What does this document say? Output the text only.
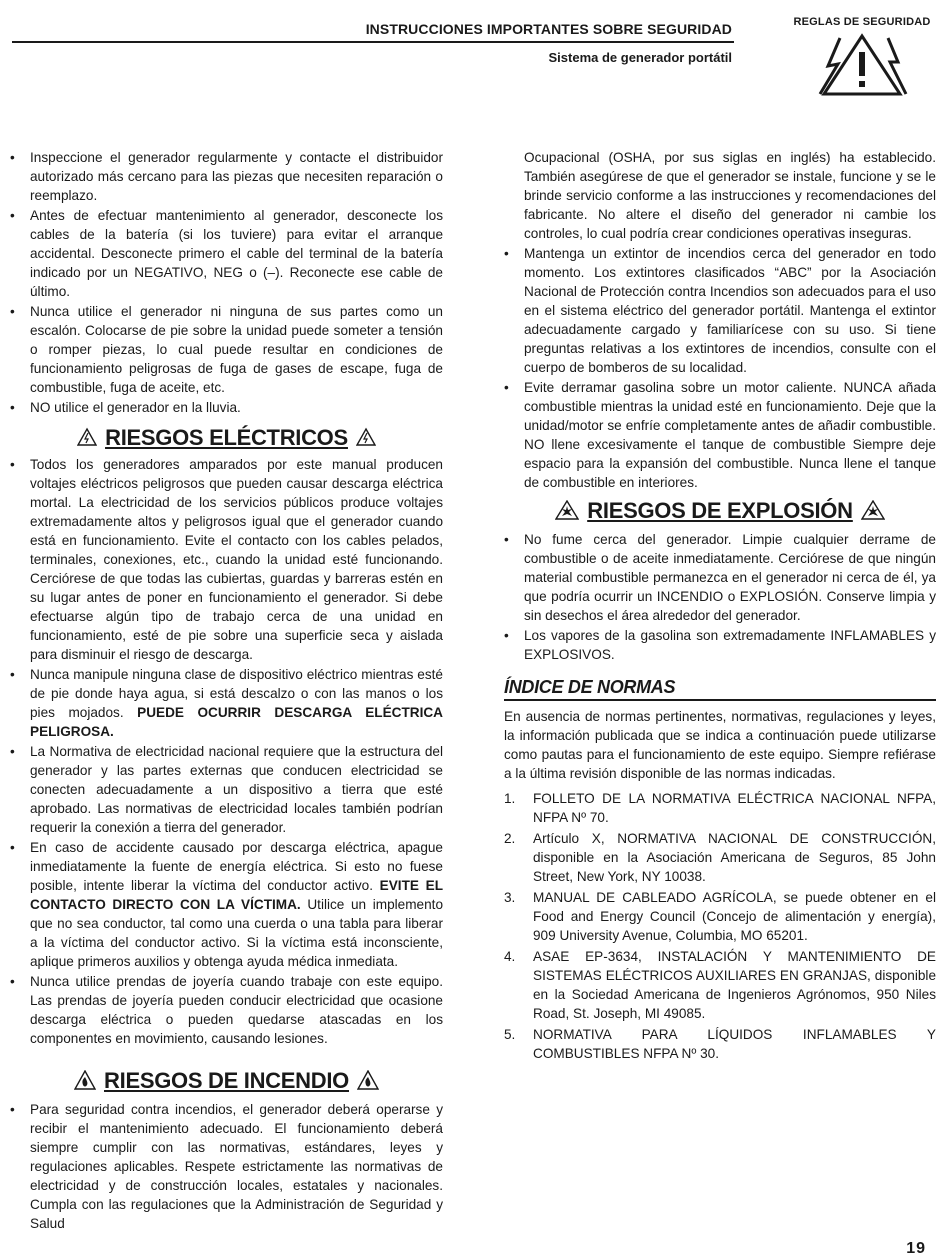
INSTRUCCIONES IMPORTANTES SOBRE SEGURIDAD
Sistema de generador portátil
REGLAS DE SEGURIDAD
• Inspeccione el generador regularmente y contacte el distribuidor autorizado más cercano para las piezas que necesiten reparación o reemplazo.
• Antes de efectuar mantenimiento al generador, desconecte los cables de la batería (si los tuviere) para evitar el arranque accidental. Desconecte primero el cable del terminal de la batería indicado por un NEGATIVO, NEG o (–). Reconecte ese cable de último.
• Nunca utilice el generador ni ninguna de sus partes como un escalón. Colocarse de pie sobre la unidad puede someter a tensión o romper piezas, lo cual puede resultar en condiciones de funcionamiento peligrosas de fuga de gases de escape, fuga de combustible, fuga de aceite, etc.
• NO utilice el generador en la lluvia.
RIESGOS ELÉCTRICOS
• Todos los generadores amparados por este manual producen voltajes eléctricos peligrosos que pueden causar descarga eléctrica mortal. La electricidad de los servicios públicos produce voltajes extremadamente altos y peligrosos igual que el generador cuando está en funcionamiento. Evite el contacto con los cables pelados, terminales, conexiones, etc., cuando la unidad esté funcionando. Cerciórese de que todas las cubiertas, guardas y barreras estén en su lugar antes de poner en funcionamiento el generador. Si debe efectuarse algún tipo de trabajo cerca de una unidad en funcionamiento, esté de pie sobre una superficie seca y aislada para disminuir el riesgo de descarga.
• Nunca manipule ninguna clase de dispositivo eléctrico mientras esté de pie donde haya agua, si está descalzo o con las manos o los pies mojados. PUEDE OCURRIR DESCARGA ELÉCTRICA PELIGROSA.
• La Normativa de electricidad nacional requiere que la estructura del generador y las partes externas que conducen electricidad se conecten adecuadamente a un dispositivo a tierra que esté aprobado. Las normativas de electricidad locales también podrían requerir la conexión a tierra del generador.
• En caso de accidente causado por descarga eléctrica, apague inmediatamente la fuente de energía eléctrica. Si esto no fuese posible, intente liberar la víctima del conductor activo. EVITE EL CONTACTO DIRECTO CON LA VÍCTIMA. Utilice un implemento que no sea conductor, tal como una cuerda o una tabla para liberar a la víctima del conductor activo. Si la víctima está inconsciente, aplique primeros auxilios y obtenga ayuda médica inmediata.
• Nunca utilice prendas de joyería cuando trabaje con este equipo. Las prendas de joyería pueden conducir electricidad que ocasione descarga eléctrica o pueden quedarse atascadas en los componentes en movimiento, causando lesiones.
RIESGOS DE INCENDIO
• Para seguridad contra incendios, el generador deberá operarse y recibir el mantenimiento adecuado. El funcionamiento deberá siempre cumplir con las normativas, estándares, leyes y regulaciones aplicables. Respete estrictamente las normativas de electricidad y de construcción locales, estatales y nacionales. Cumpla con las regulaciones que la Administración de Seguridad y Salud
Ocupacional (OSHA, por sus siglas en inglés) ha establecido. También asegúrese de que el generador se instale, funcione y se le brinde servicio conforme a las instrucciones y recomendaciones del fabricante. No altere el diseño del generador ni cambie los controles, lo cual podría crear condiciones operativas inseguras.
• Mantenga un extintor de incendios cerca del generador en todo momento. Los extintores clasificados “ABC” por la Asociación Nacional de Protección contra Incendios son adecuados para el uso en el sistema eléctrico del generador portátil. Mantenga el extintor adecuadamente cargado y familiarícese con su uso. Si tiene preguntas relativas a los extintores de incendios, consulte con el cuerpo de bomberos de su localidad.
• Evite derramar gasolina sobre un motor caliente. NUNCA añada combustible mientras la unidad esté en funcionamiento. Deje que la unidad/motor se enfríe completamente antes de añadir combustible. NO llene excesivamente el tanque de combustible Siempre deje espacio para la expansión del combustible. Nunca llene el tanque de combustible en interiores.
RIESGOS DE EXPLOSIÓN
• No fume cerca del generador. Limpie cualquier derrame de combustible o de aceite inmediatamente. Cerciórese de que ningún material combustible permanezca en el generador ni cerca de él, ya que podría ocurrir un INCENDIO o EXPLOSIÓN. Conserve limpia y sin desechos el área alrededor del generador.
• Los vapores de la gasolina son extremadamente INFLAMABLES y EXPLOSIVOS.
ÍNDICE DE NORMAS

En ausencia de normas pertinentes, normativas, regulaciones y leyes, la información publicada que se indica a continuación puede utilizarse como pautas para el funcionamiento de este equipo. Siempre refiérase a la última revisión disponible de las normas indicadas.

1. FOLLETO DE LA NORMATIVA ELÉCTRICA NACIONAL NFPA, NFPA Nº 70.
2. Artículo X, NORMATIVA NACIONAL DE CONSTRUCCIÓN, disponible en la Asociación Americana de Seguros, 85 John Street, New York, NY 10038.
3. MANUAL DE CABLEADO AGRÍCOLA, se puede obtener en el Food and Energy Council (Concejo de alimentación y energía), 909 University Avenue, Columbia, MO 65201.
4. ASAE EP-3634, INSTALACIÓN Y MANTENIMIENTO DE SISTEMAS ELÉCTRICOS AUXILIARES EN GRANJAS, disponible en la Sociedad Americana de Ingenieros Agrónomos, 950 Niles Road, St. Joseph, MI 49085.
5. NORMATIVA PARA LÍQUIDOS INFLAMABLES Y COMBUSTIBLES NFPA Nº 30.
19
